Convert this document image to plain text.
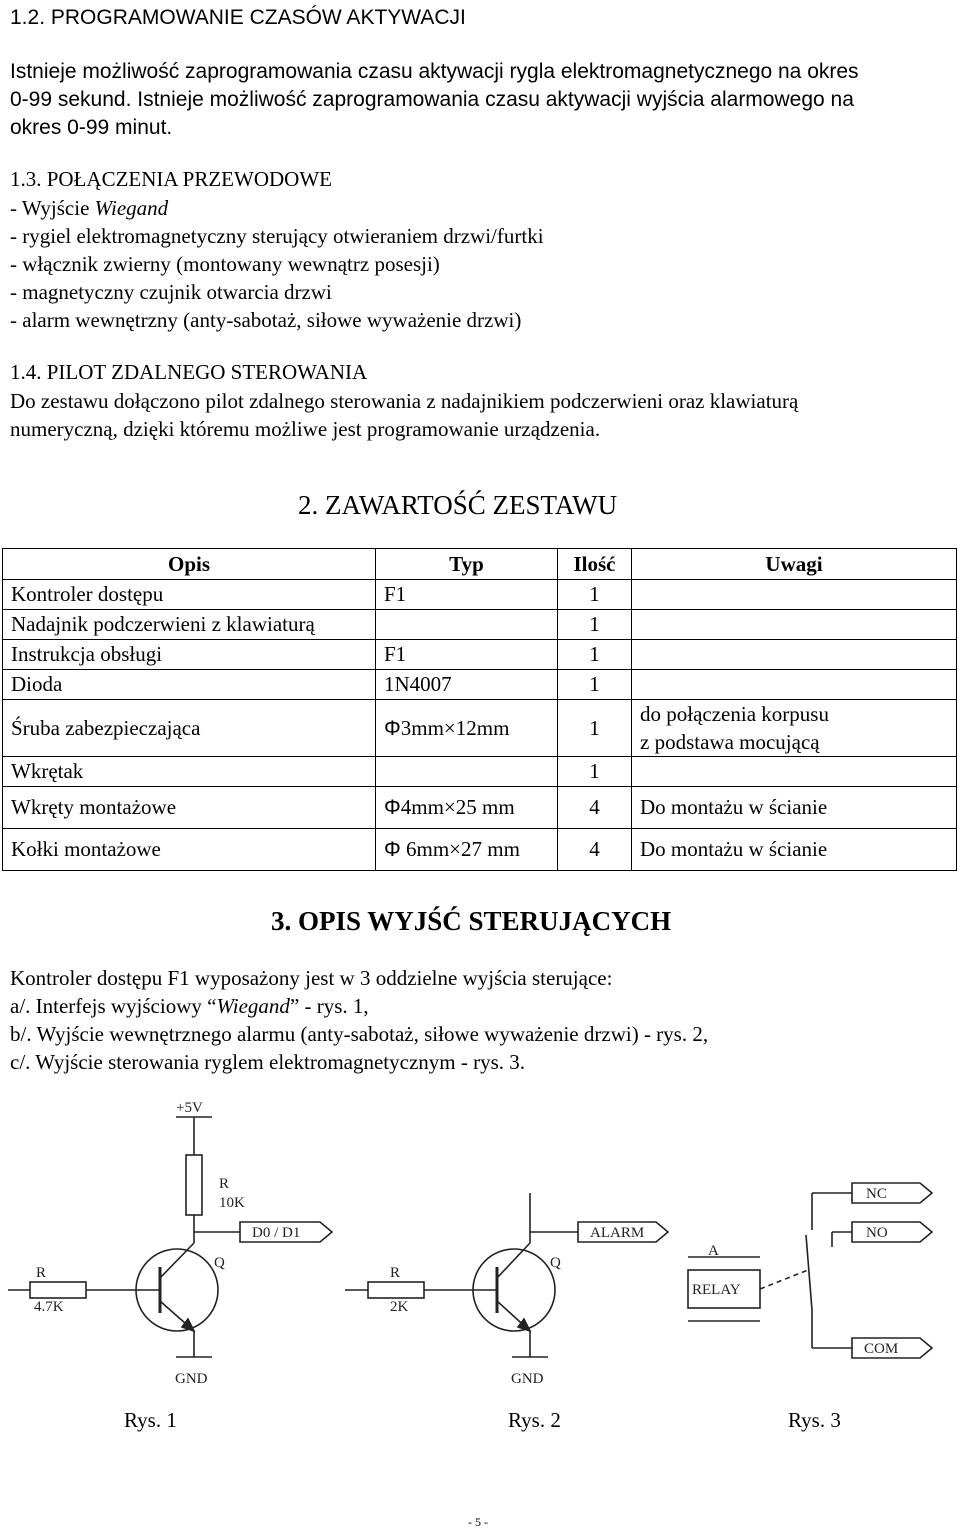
1.2. PROGRAMOWANIE CZASÓW AKTYWACJI
Istnieje możliwość zaprogramowania czasu aktywacji rygla elektromagnetycznego na okres
0-99 sekund. Istnieje możliwość zaprogramowania czasu aktywacji wyjścia alarmowego na
okres 0-99 minut.
1.3. POŁĄCZENIA PRZEWODOWE
- Wyjście Wiegand
- rygiel elektromagnetyczny sterujący otwieraniem drzwi/furtki
- włącznik zwierny (montowany wewnątrz posesji)
- magnetyczny czujnik otwarcia drzwi
- alarm wewnętrzny (anty-sabotaż, siłowe wyważenie drzwi)
1.4. PILOT ZDALNEGO STEROWANIA
Do zestawu dołączono pilot zdalnego sterowania z nadajnikiem podczerwieni oraz klawiaturą
numeryczną, dzięki któremu możliwe jest programowanie urządzenia.
2. ZAWARTOŚĆ ZESTAWU
Opis	Typ	Ilość	Uwagi
Kontroler dostępu	F1	1	
Nadajnik podczerwieni z klawiaturą		1	
Instrukcja obsługi	F1	1	
Dioda	1N4007	1	
Śruba zabezpieczająca	Φ3mm×12mm	1	do połączenia korpusu
z podstawa mocującą

Wkrętak		1	
Wkręty montażowe	Φ4mm×25 mm	4	Do montażu w ścianie
Kołki montażowe	Φ 6mm×27 mm	4	Do montażu w ścianie
3. OPIS WYJŚĆ STERUJĄCYCH
Kontroler dostępu F1 wyposażony jest w 3 oddzielne wyjścia sterujące:
a/. Interfejs wyjściowy “Wiegand” - rys. 1,
b/. Wyjście wewnętrznego alarmu (anty-sabotaż, siłowe wyważenie drzwi) - rys. 2,
c/. Wyjście sterowania ryglem elektromagnetycznym - rys. 3.
+5V
R
10K
D0 / D1
Q
R
4.7K
GND
ALARM
Q
R
2K
GND
A
RELAY
NC
NO
COM
Rys. 1	Rys. 2	Rys. 3
- 5 -
